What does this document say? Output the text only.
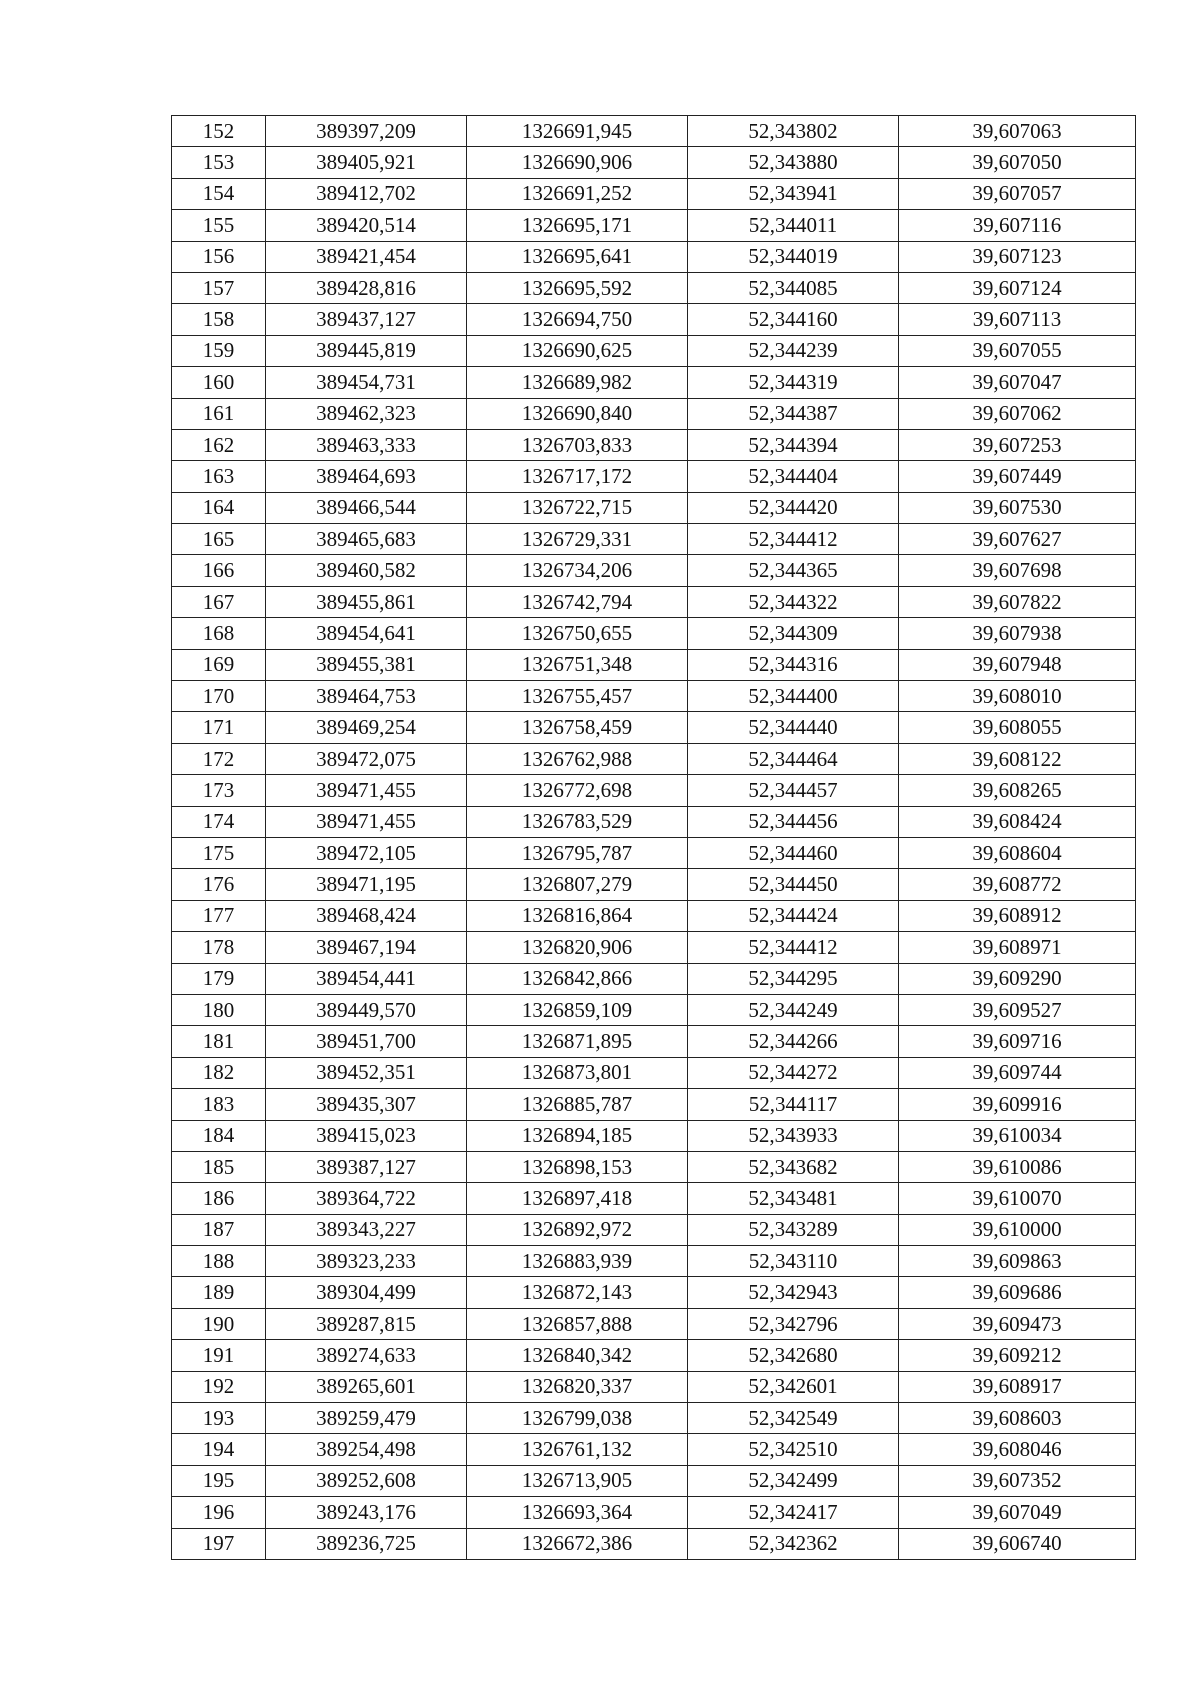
152	389397,209	1326691,945	52,343802	39,607063
153	389405,921	1326690,906	52,343880	39,607050
154	389412,702	1326691,252	52,343941	39,607057
155	389420,514	1326695,171	52,344011	39,607116
156	389421,454	1326695,641	52,344019	39,607123
157	389428,816	1326695,592	52,344085	39,607124
158	389437,127	1326694,750	52,344160	39,607113
159	389445,819	1326690,625	52,344239	39,607055
160	389454,731	1326689,982	52,344319	39,607047
161	389462,323	1326690,840	52,344387	39,607062
162	389463,333	1326703,833	52,344394	39,607253
163	389464,693	1326717,172	52,344404	39,607449
164	389466,544	1326722,715	52,344420	39,607530
165	389465,683	1326729,331	52,344412	39,607627
166	389460,582	1326734,206	52,344365	39,607698
167	389455,861	1326742,794	52,344322	39,607822
168	389454,641	1326750,655	52,344309	39,607938
169	389455,381	1326751,348	52,344316	39,607948
170	389464,753	1326755,457	52,344400	39,608010
171	389469,254	1326758,459	52,344440	39,608055
172	389472,075	1326762,988	52,344464	39,608122
173	389471,455	1326772,698	52,344457	39,608265
174	389471,455	1326783,529	52,344456	39,608424
175	389472,105	1326795,787	52,344460	39,608604
176	389471,195	1326807,279	52,344450	39,608772
177	389468,424	1326816,864	52,344424	39,608912
178	389467,194	1326820,906	52,344412	39,608971
179	389454,441	1326842,866	52,344295	39,609290
180	389449,570	1326859,109	52,344249	39,609527
181	389451,700	1326871,895	52,344266	39,609716
182	389452,351	1326873,801	52,344272	39,609744
183	389435,307	1326885,787	52,344117	39,609916
184	389415,023	1326894,185	52,343933	39,610034
185	389387,127	1326898,153	52,343682	39,610086
186	389364,722	1326897,418	52,343481	39,610070
187	389343,227	1326892,972	52,343289	39,610000
188	389323,233	1326883,939	52,343110	39,609863
189	389304,499	1326872,143	52,342943	39,609686
190	389287,815	1326857,888	52,342796	39,609473
191	389274,633	1326840,342	52,342680	39,609212
192	389265,601	1326820,337	52,342601	39,608917
193	389259,479	1326799,038	52,342549	39,608603
194	389254,498	1326761,132	52,342510	39,608046
195	389252,608	1326713,905	52,342499	39,607352
196	389243,176	1326693,364	52,342417	39,607049
197	389236,725	1326672,386	52,342362	39,606740
